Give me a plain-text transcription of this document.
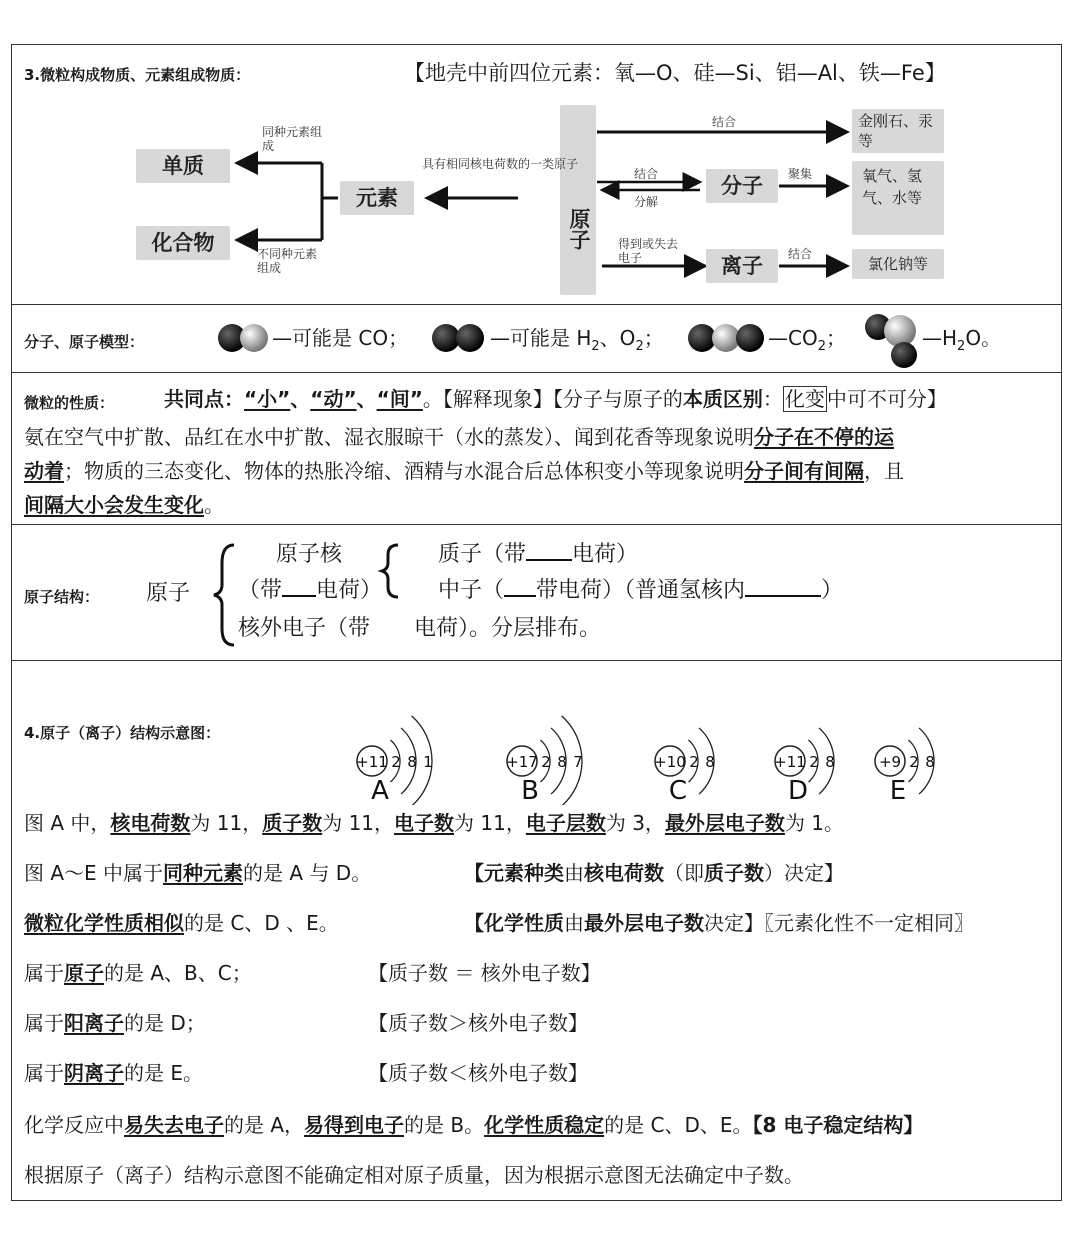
3.微粒构成物质、元素组成物质：	【地壳中前四位元素：氧—O、硅—Si、铝—Al、铁—Fe】
单质
化合物
元素
原子
分子
离子
金刚石、汞等
氧气、氢气、水等
氯化钠等
同种元素组成
不同种元素组成
具有相同核电荷数的一类原子
结合
结合
分解
聚集
得到或失去电子	结合
分子、原子模型：	—可能是 CO；	—可能是 $H_2$、$O_2$；	$—CO_2$；	$—H_2O$。
微粒的性质： 共同点：“小”、“动”、“间”。【解释现象】【分子与原子的本质区别： 化变 中可不可分】
氨在空气中扩散、品红在水中扩散、湿衣服晾干（水的蒸发）、闻到花香等现象说明分子在不停的运
动着；物质的三态变化、物体的热胀冷缩、酒精与水混合后总体积变小等现象说明分子间有间隔，且
间隔大小会发生变化。
原子结构： 原子
原子核
（带 电荷）
核外电子（带 电荷）。分层排布。
质子（带 电荷）
中子（ 带电荷）（普通氢核内	）
4.原子（离子）结构示意图：
+11 2 8 1
A
+17 2 8 7
B
+10 2 8
C
+11 2 8
D
+9 2 8
E
图 A 中，核电荷数为 11，质子数为 11，电子数为 11，电子层数为 3，最外层电子数为 1。
图 A～E 中属于同种元素的是 A 与 D。	【元素种类由核电荷数（即质子数）决定】
微粒化学性质相似的是 C、D 、E。	【化学性质由最外层电子数决定】〖元素化性不一定相同〗
属于原子的是 A、B、C；	【质子数 ＝ 核外电子数】
属于阳离子的是 D；	【质子数＞核外电子数】
属于阴离子的是 E。	【质子数＜核外电子数】
化学反应中易失去电子的是 A，易得到电子的是 B。化学性质稳定的是 C、D、E。【8 电子稳定结构】
根据原子（离子）结构示意图不能确定相对原子质量，因为根据示意图无法确定中子数。
